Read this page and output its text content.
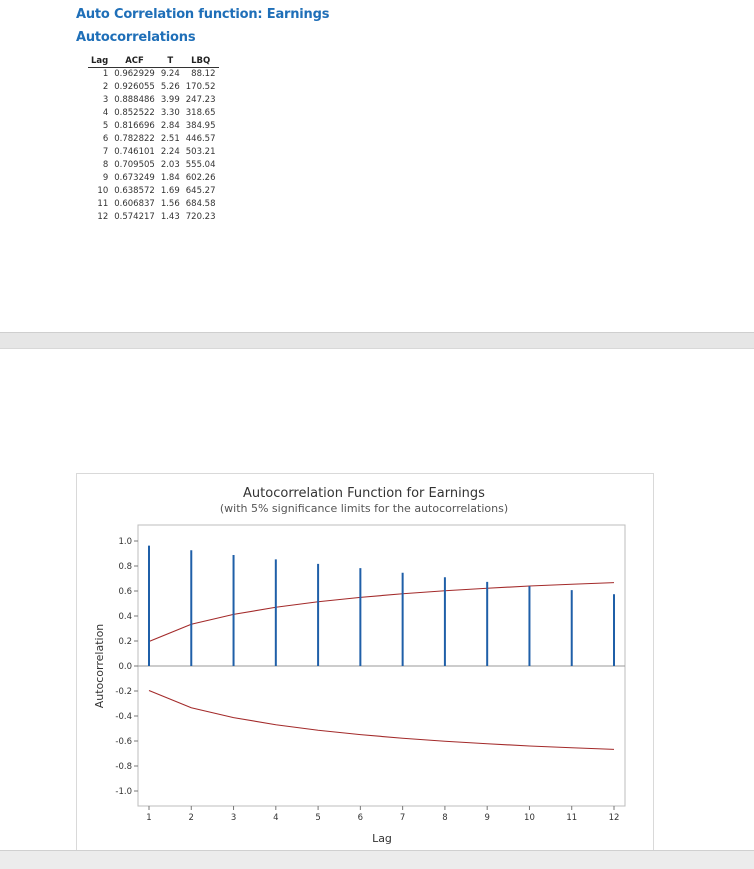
Auto Correlation function: Earnings
Autocorrelations
Lag	ACF	T	LBQ
1	0.962929	9.24	88.12
2	0.926055	5.26	170.52
3	0.888486	3.99	247.23
4	0.852522	3.30	318.65
5	0.816696	2.84	384.95
6	0.782822	2.51	446.57
7	0.746101	2.24	503.21
8	0.709505	2.03	555.04
9	0.673249	1.84	602.26
10	0.638572	1.69	645.27
11	0.606837	1.56	684.58
12	0.574217	1.43	720.23
Autocorrelation Function for Earnings
(with 5% significance limits for the autocorrelations)
1.0
0.8
0.6
0.4
0.2
0.0
-0.2
-0.4
-0.6
-0.8
-1.0
1	2	3	4	5	6	7	8	9	10	11	12
Lag
Autocorrelation
